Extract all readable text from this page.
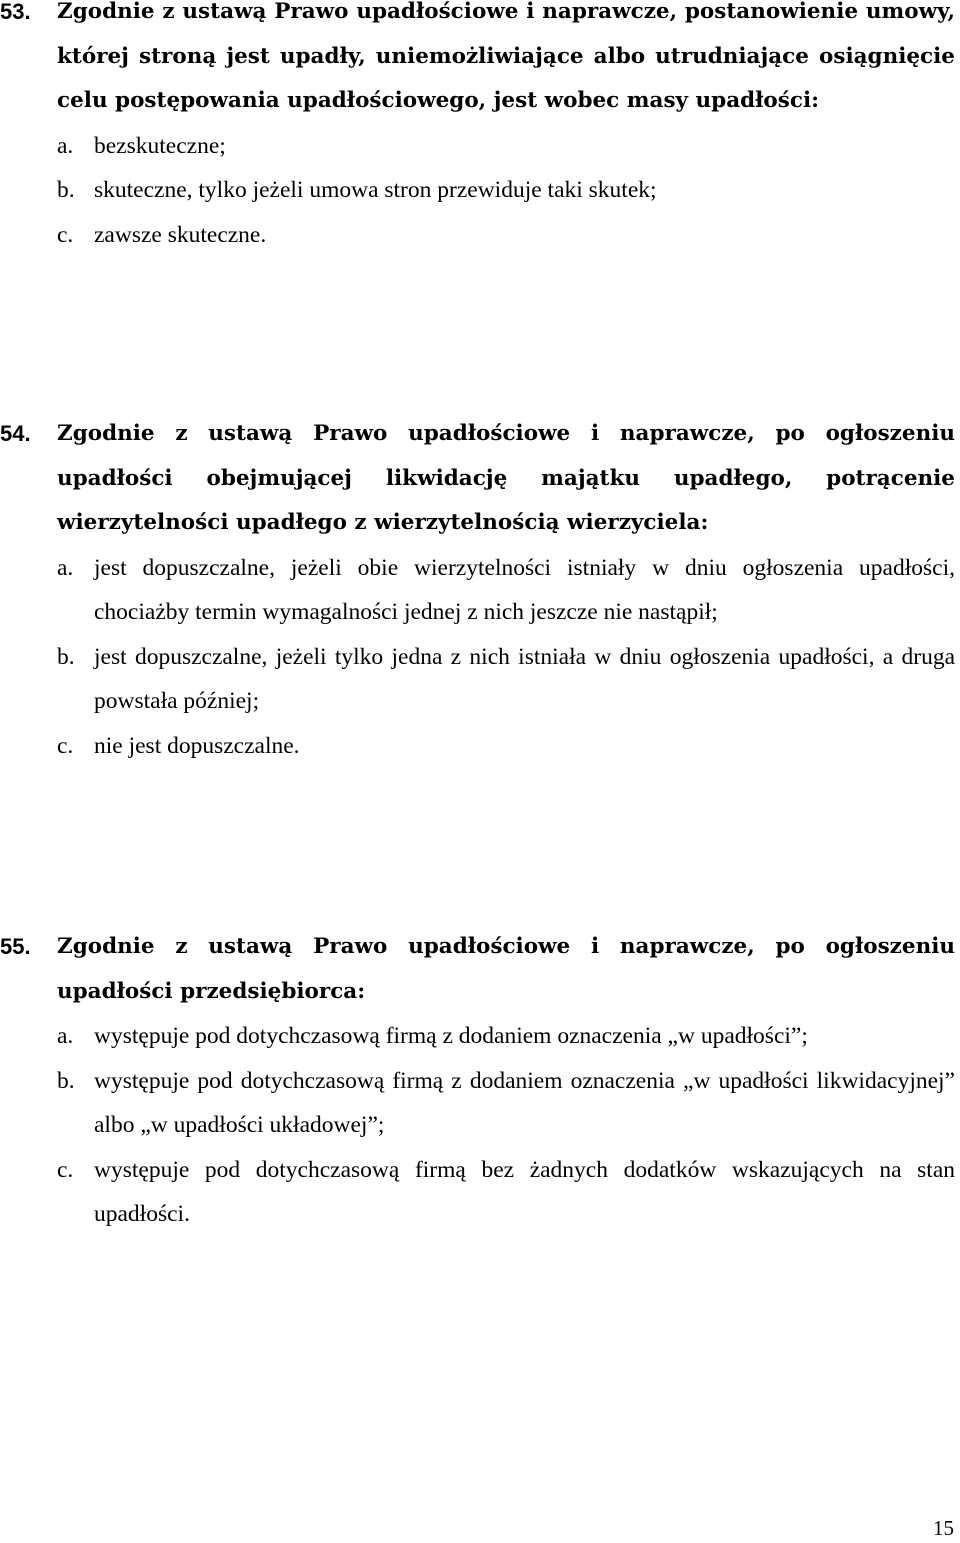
53. Zgodnie z ustawą Prawo upadłościowe i naprawcze, postanowienie umowy, której stroną jest upadły, uniemożliwiające albo utrudniające osiągnięcie celu postępowania upadłościowego, jest wobec masy upadłości:
a. bezskuteczne;
b. skuteczne, tylko jeżeli umowa stron przewiduje taki skutek;
c. zawsze skuteczne.
54. Zgodnie z ustawą Prawo upadłościowe i naprawcze, po ogłoszeniu upadłości obejmującej likwidację majątku upadłego, potrącenie wierzytelności upadłego z wierzytelnością wierzyciela:
a. jest dopuszczalne, jeżeli obie wierzytelności istniały w dniu ogłoszenia upadłości, chociażby termin wymagalności jednej z nich jeszcze nie nastąpił;
b. jest dopuszczalne, jeżeli tylko jedna z nich istniała w dniu ogłoszenia upadłości, a druga powstała później;
c. nie jest dopuszczalne.
55. Zgodnie z ustawą Prawo upadłościowe i naprawcze, po ogłoszeniu upadłości przedsiębiorca:
a. występuje pod dotychczasową firmą z dodaniem oznaczenia „w upadłości”;
b. występuje pod dotychczasową firmą z dodaniem oznaczenia „w upadłości likwidacyjnej” albo „w upadłości układowej”;
c. występuje pod dotychczasową firmą bez żadnych dodatków wskazujących na stan upadłości.
15
